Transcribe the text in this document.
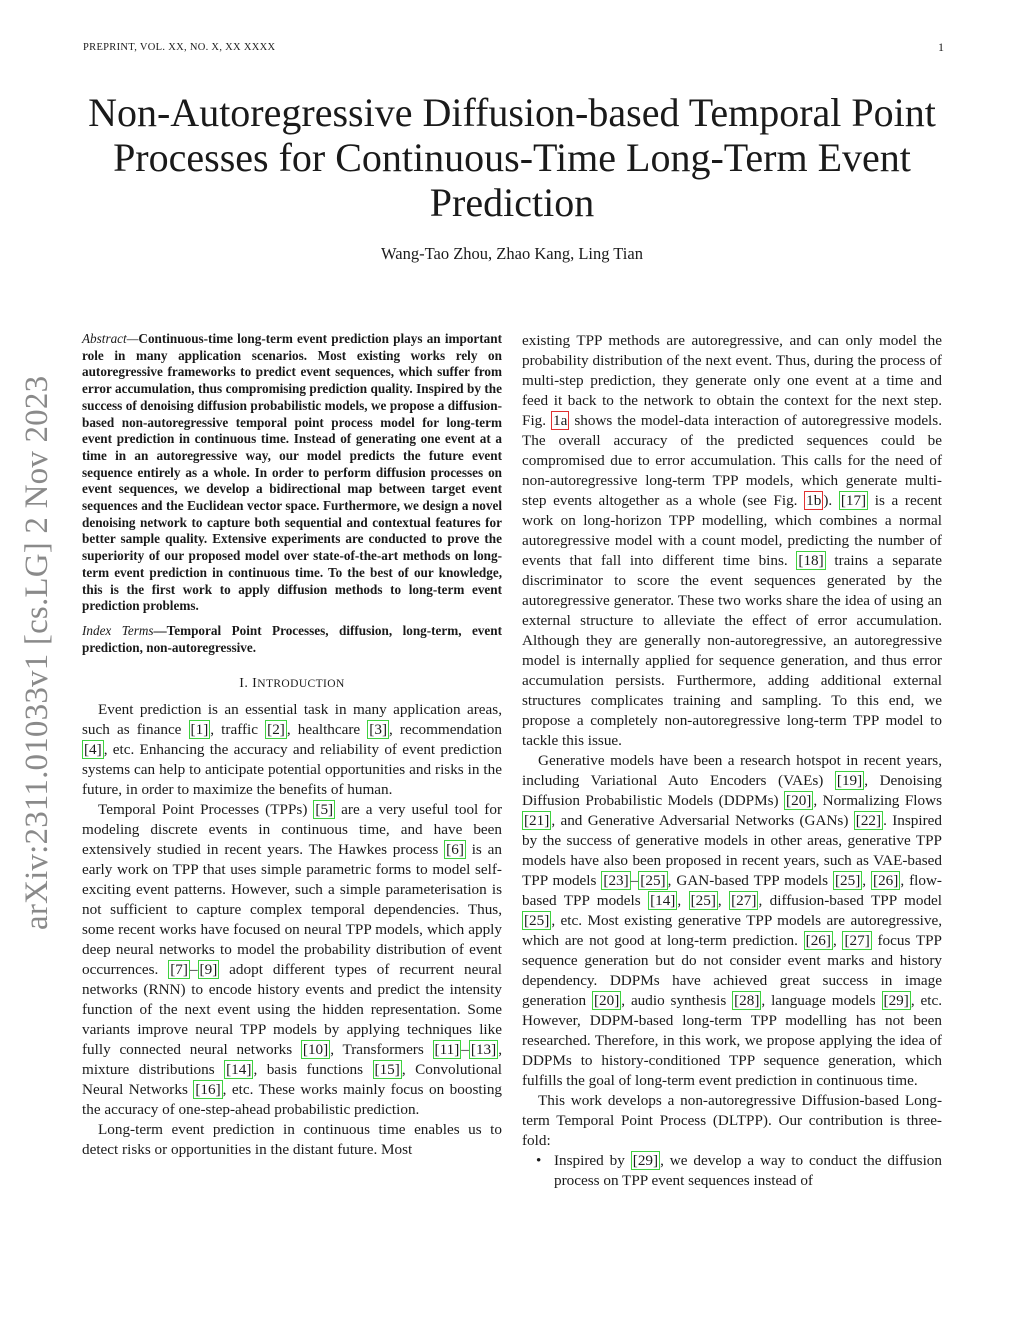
PREPRINT, VOL. XX, NO. X, XX XXXX	1
Non-Autoregressive Diffusion-based Temporal Point
Processes for Continuous-Time Long-Term Event
Prediction
Wang-Tao Zhou, Zhao Kang, Ling Tian
arXiv:2311.01033v1 [cs.LG] 2 Nov 2023
Abstract—Continuous-time long-term event prediction plays an important role in many application scenarios. Most existing works rely on autoregressive frameworks to predict event sequences, which suffer from error accumulation, thus compromising prediction quality. Inspired by the success of denoising diffusion probabilistic models, we propose a diffusion-based non-autoregressive temporal point process model for long-term event prediction in continuous time. Instead of generating one event at a time in an autoregressive way, our model predicts the future event sequence entirely as a whole. In order to perform diffusion processes on event sequences, we develop a bidirectional map between target event sequences and the Euclidean vector space. Furthermore, we design a novel denoising network to capture both sequential and contextual features for better sample quality. Extensive experiments are conducted to prove the superiority of our proposed model over state-of-the-art methods on long-term event prediction in continuous time. To the best of our knowledge, this is the first work to apply diffusion methods to long-term event prediction problems.
Index Terms—Temporal Point Processes, diffusion, long-term, event prediction, non-autoregressive.
I. INTRODUCTION

Event prediction is an essential task in many application areas, such as finance [1] , traffic [2] , healthcare [3] , recommendation [4] , etc. Enhancing the accuracy and reliability of event prediction systems can help to anticipate potential opportunities and risks in the future, in order to maximize the benefits of human.

Temporal Point Processes (TPPs) [5] are a very useful tool for modeling discrete events in continuous time, and have been extensively studied in recent years. The Hawkes process [6] is an early work on TPP that uses simple parametric forms to model self-exciting event patterns. However, such a simple parameterisation is not sufficient to capture complex temporal dependencies. Thus, some recent works have focused on neural TPP models, which apply deep neural networks to model the probability distribution of event occurrences. [7] – [9] adopt different types of recurrent neural networks (RNN) to encode history events and predict the intensity function of the next event using the hidden representation. Some variants improve neural TPP models by applying techniques like fully connected neural networks [10] , Transformers [11] – [13] , mixture distributions [14] , basis functions [15] , Convolutional Neural Networks [16] , etc. These works mainly focus on boosting the accuracy of one-step-ahead probabilistic prediction.

Long-term event prediction in continuous time enables us to detect risks or opportunities in the distant future. Most

existing TPP methods are autoregressive, and can only model the probability distribution of the next event. Thus, during the process of multi-step prediction, they generate only one event at a time and feed it back to the network to obtain the context for the next step. Fig. 1a shows the model-data interaction of autoregressive models. The overall accuracy of the predicted sequences could be compromised due to error accumulation. This calls for the need of non-autoregressive long-term TPP models, which generate multi-step events altogether as a whole (see Fig. 1b ). [17] is a recent work on long-horizon TPP modelling, which combines a normal autoregressive model with a count model, predicting the number of events that fall into different time bins. [18] trains a separate discriminator to score the event sequences generated by the autoregressive generator. These two works share the idea of using an external structure to alleviate the effect of error accumulation. Although they are generally non-autoregressive, an autoregressive model is internally applied for sequence generation, and thus error accumulation persists. Furthermore, adding additional external structures complicates training and sampling. To this end, we propose a completely non-autoregressive long-term TPP model to tackle this issue.

Generative models have been a research hotspot in recent years, including Variational Auto Encoders (VAEs) [19] , Denoising Diffusion Probabilistic Models (DDPMs) [20] , Normalizing Flows [21] , and Generative Adversarial Networks (GANs) [22] . Inspired by the success of generative models in other areas, generative TPP models have also been proposed in recent years, such as VAE-based TPP models [23] – [25] , GAN-based TPP models [25] , [26] , flow-based TPP models [14] , [25] , [27] , diffusion-based TPP model [25] , etc. Most existing generative TPP models are autoregressive, which are not good at long-term prediction. [26] , [27] focus TPP sequence generation but do not consider event marks and history dependency. DDPMs have achieved great success in image generation [20] , audio synthesis [28] , language models [29] , etc. However, DDPM-based long-term TPP modelling has not been researched. Therefore, in this work, we propose applying the idea of DDPMs to history-conditioned TPP sequence generation, which fulfills the goal of long-term event prediction in continuous time.

This work develops a non-autoregressive Diffusion-based Long-term Temporal Point Process (DLTPP). Our contribution is three-fold:

• Inspired by [29] , we develop a way to conduct the diffusion process on TPP event sequences instead of
